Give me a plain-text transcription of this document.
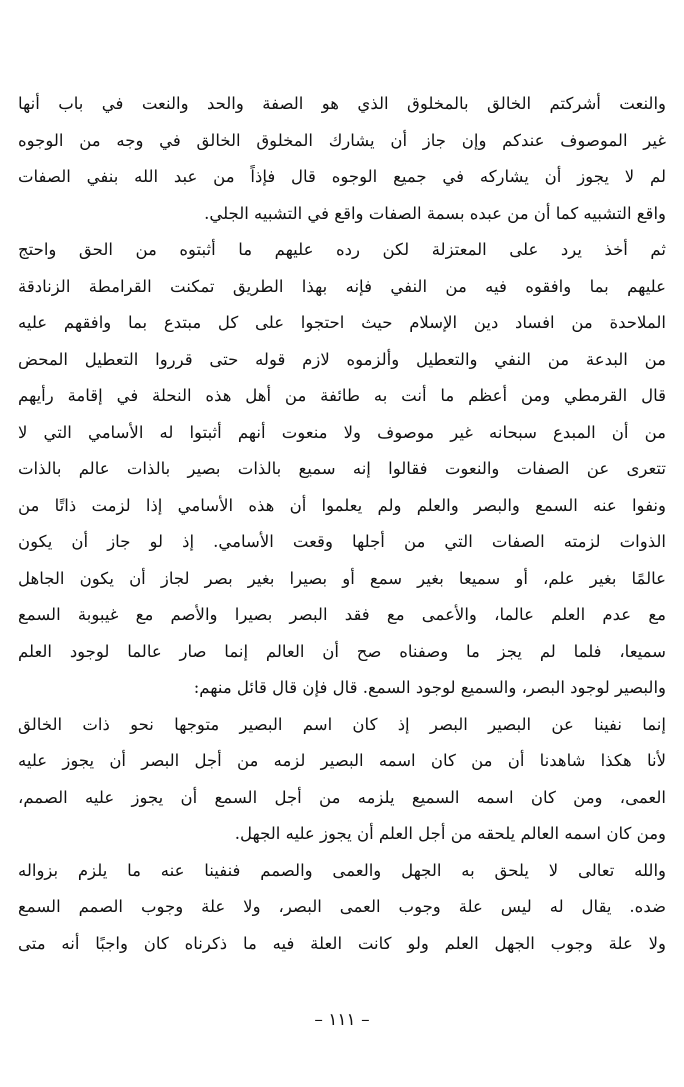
والنعت أشركتم الخالق بالمخلوق الذي هو الصفة والحد والنعت في باب أنها
غير الموصوف عندكم وإن جاز أن يشارك المخلوق الخالق في وجه من الوجوه
لم لا يجوز أن يشاركه في جميع الوجوه قال فإذاً من عبد الله بنفي الصفات
واقع التشبيه كما أن من عبده بسمة الصفات واقع في التشبيه الجلي.
ثم أخذ يرد على المعتزلة لكن رده عليهم ما أثبتوه من الحق واحتج
عليهم بما وافقوه فيه من النفي فإنه بهذا الطريق تمكنت القرامطة الزنادقة
الملاحدة من افساد دين الإسلام حيث احتجوا على كل مبتدع بما وافقهم عليه
من البدعة من النفي والتعطيل وألزموه لازم قوله حتى قرروا التعطيل المحض
قال القرمطي ومن أعظم ما أنت به طائفة من أهل هذه النحلة في إقامة رأيهم
من أن المبدع سبحانه غير موصوف ولا منعوت أنهم أثبتوا له الأسامي التي لا
تتعرى عن الصفات والنعوت فقالوا إنه سميع بالذات بصير بالذات عالم بالذات
ونفوا عنه السمع والبصر والعلم ولم يعلموا أن هذه الأسامي إذا لزمت ذاتًا من
الذوات لزمته الصفات التي من أجلها وقعت الأسامي. إذ لو جاز أن يكون
عالمًا بغير علم، أو سميعا بغير سمع أو بصيرا بغير بصر لجاز أن يكون الجاهل
مع عدم العلم عالما، والأعمى مع فقد البصر بصيرا والأصم مع غيبوبة السمع
سميعا، فلما لم يجز ما وصفناه صح أن العالم إنما صار عالما لوجود العلم
والبصير لوجود البصر، والسميع لوجود السمع. قال فإن قال قائل منهم:
إنما نفينا عن البصير البصر إذ كان اسم البصير متوجها نحو ذات الخالق
لأنا هكذا شاهدنا أن من كان اسمه البصير لزمه من أجل البصر أن يجوز عليه
العمى، ومن كان اسمه السميع يلزمه من أجل السمع أن يجوز عليه الصمم،
ومن كان اسمه العالم يلحقه من أجل العلم أن يجوز عليه الجهل.
والله تعالى لا يلحق به الجهل والعمى والصمم فنفينا عنه ما يلزم بزواله
ضده. يقال له ليس علة وجوب العمى البصر، ولا علة وجوب الصمم السمع
ولا علة وجوب الجهل العلم ولو كانت العلة فيه ما ذكرناه كان واجبًا أنه متى
– ١١١ –
